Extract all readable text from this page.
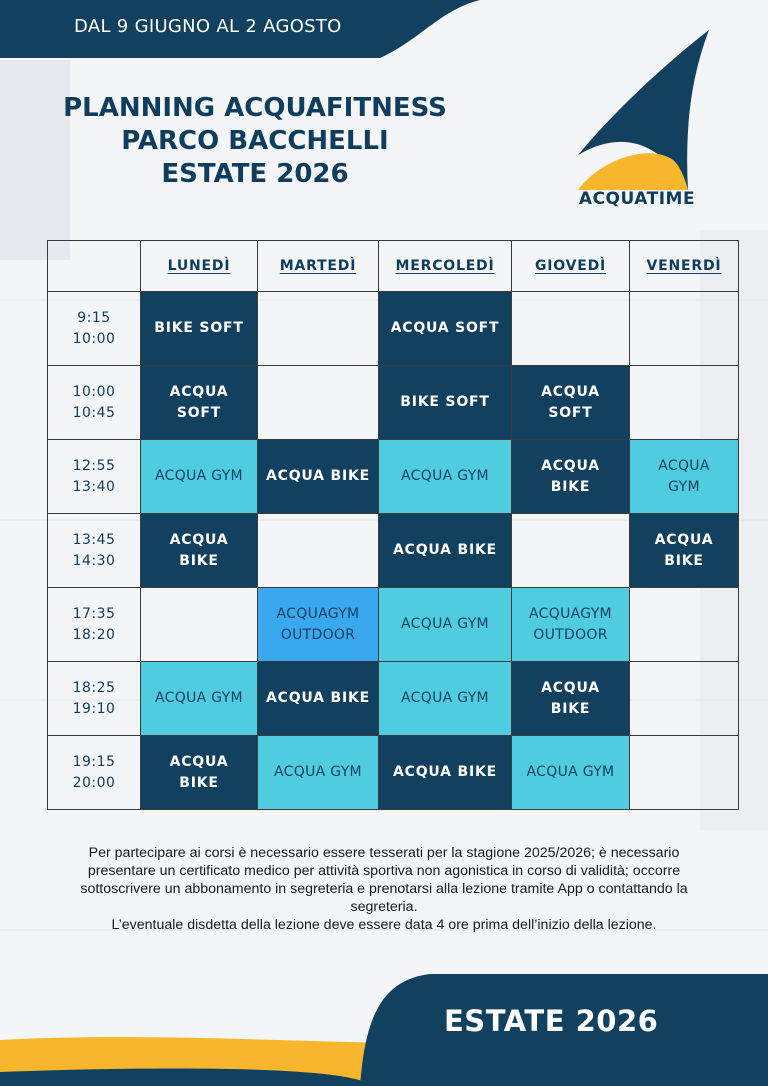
DAL 9 GIUGNO AL 2 AGOSTO
PLANNING ACQUAFITNESS
PARCO BACCHELLI
ESTATE 2026
ACQUATIME
	LUNEDÌ	MARTEDÌ	MERCOLEDÌ	GIOVEDÌ	VENERDÌ

9:15
10:00	BIKE SOFT		ACQUA SOFT		

10:00
10:45	ACQUA
SOFT		BIKE SOFT	ACQUA
SOFT	

12:55
13:40	ACQUA GYM	ACQUA BIKE	ACQUA GYM	ACQUA
BIKE	ACQUA
GYM

13:45
14:30	ACQUA
BIKE		ACQUA BIKE		ACQUA
BIKE

17:35
18:20		ACQUAGYM
OUTDOOR	ACQUA GYM	ACQUAGYM
OUTDOOR	

18:25
19:10	ACQUA GYM	ACQUA BIKE	ACQUA GYM	ACQUA
BIKE	

19:15
20:00	ACQUA
BIKE	ACQUA GYM	ACQUA BIKE	ACQUA GYM	

Per partecipare ai corsi è necessario essere tesserati per la stagione 2025/2026; è necessario
presentare un certificato medico per attività sportiva non agonistica in corso di validità; occorre
sottoscrivere un abbonamento in segreteria e prenotarsi alla lezione tramite App o contattando la
segreteria.
L’eventuale disdetta della lezione deve essere data 4 ore prima dell’inizio della lezione.
ESTATE 2026
